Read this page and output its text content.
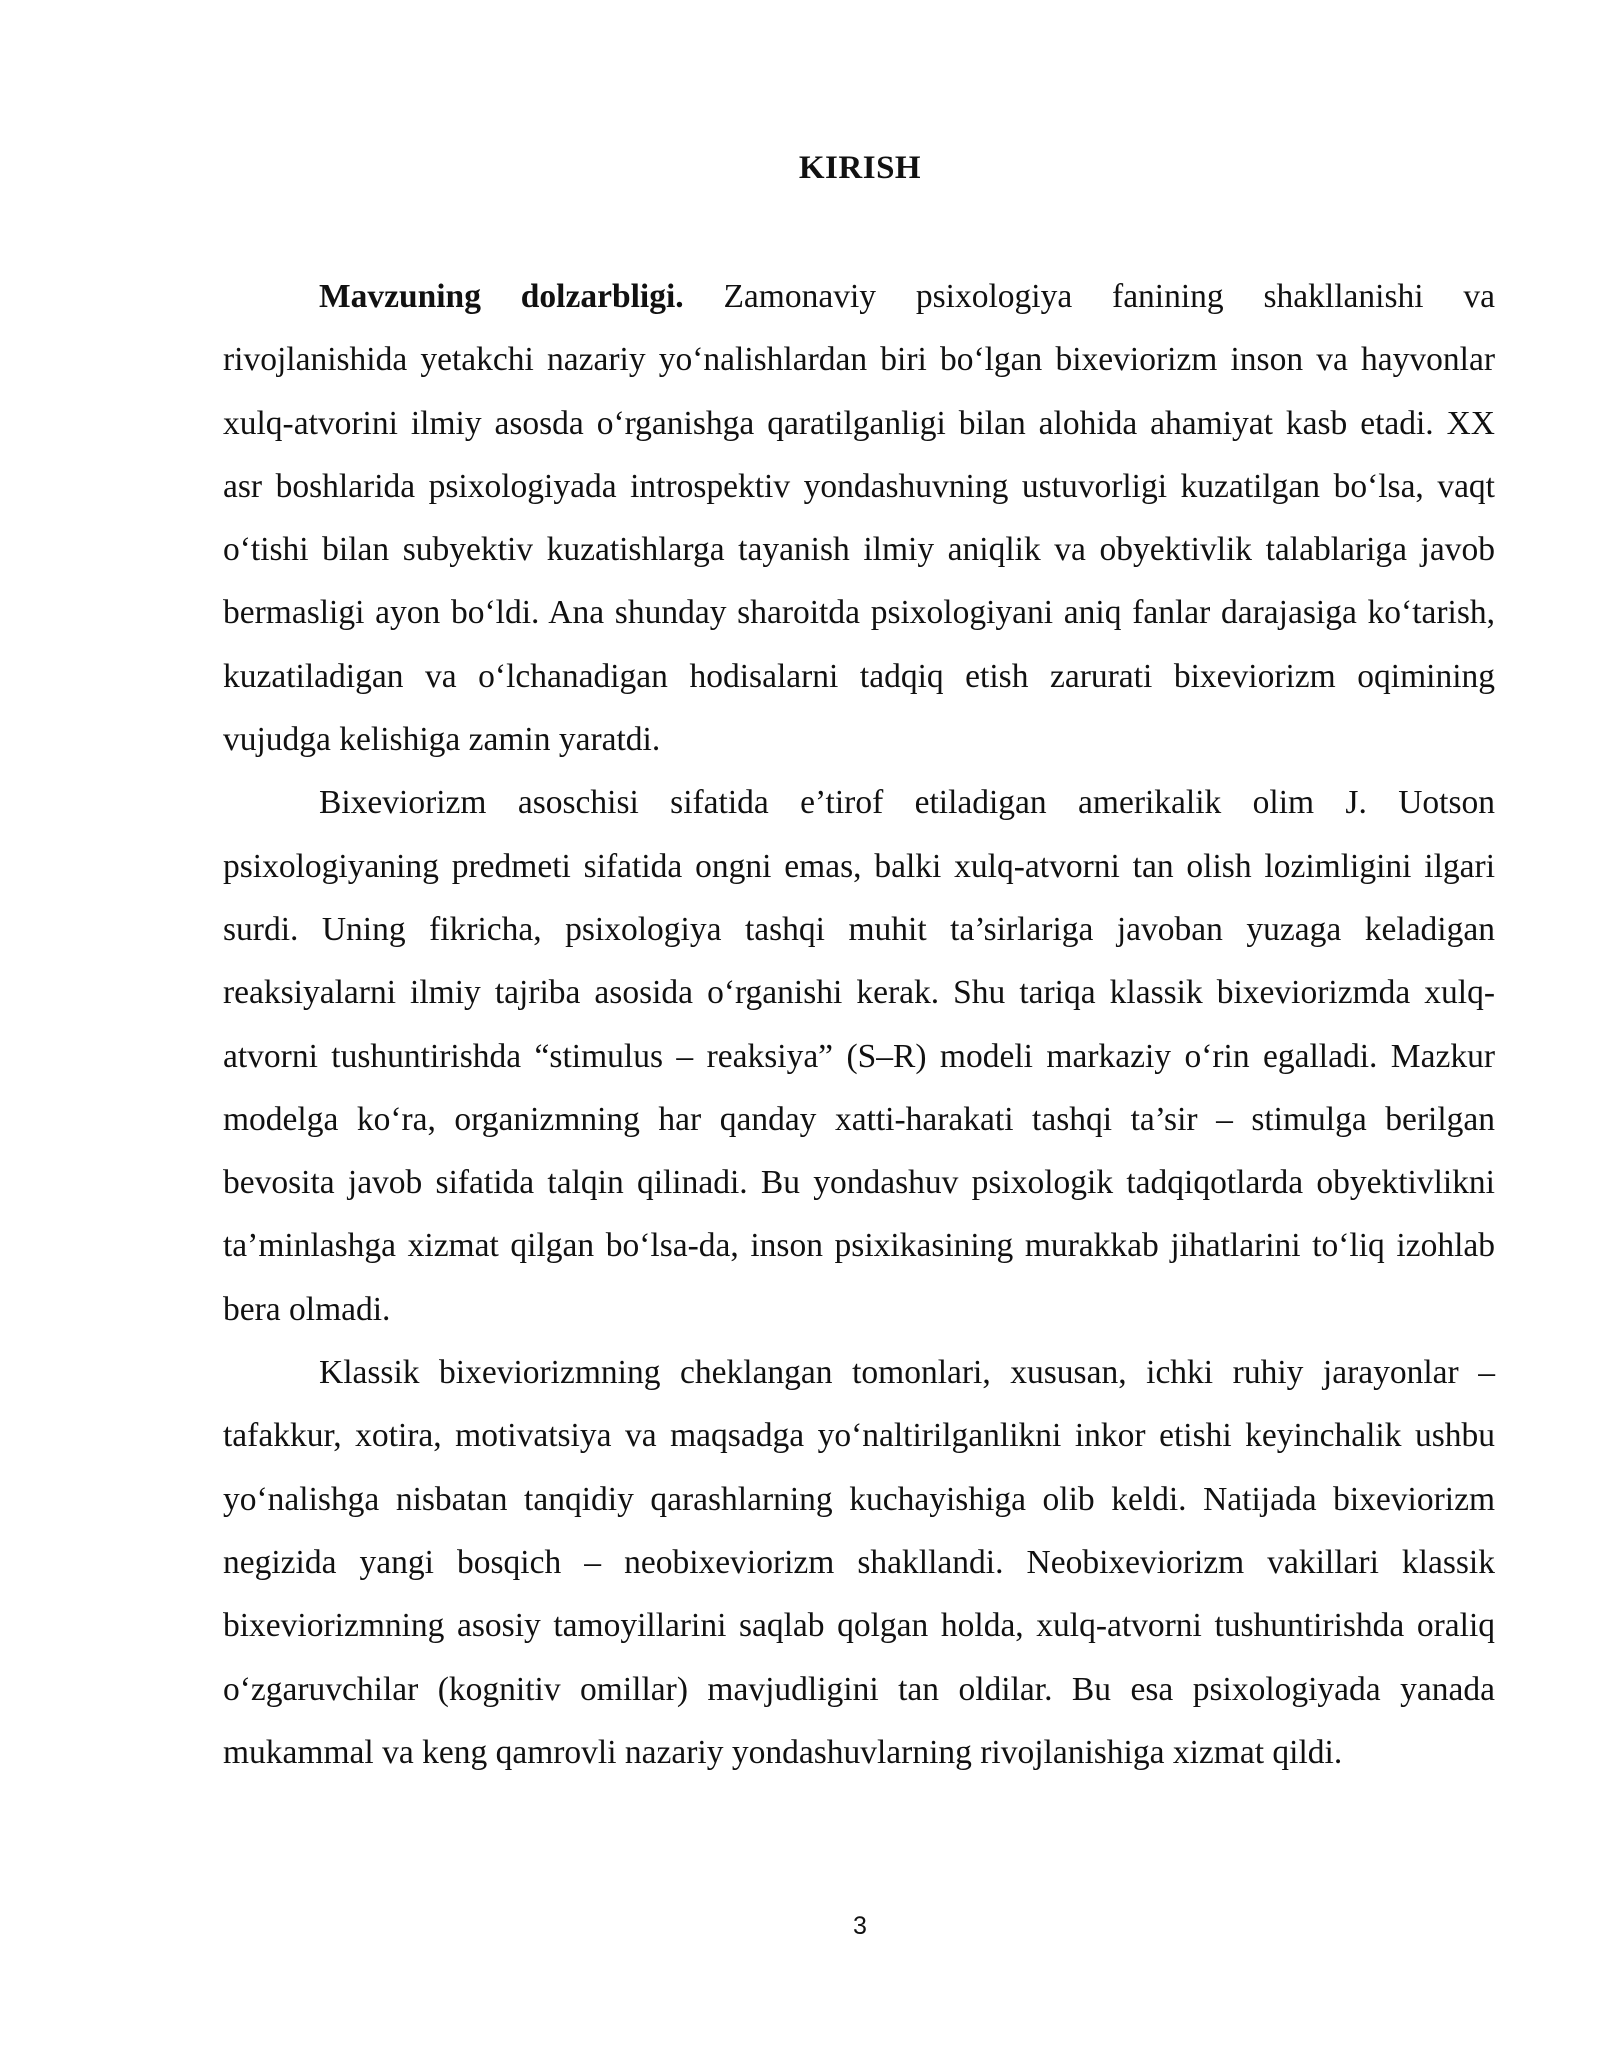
KIRISH

Mavzuning dolzarbligi. Zamonaviy psixologiya fanining shakllanishi va rivojlanishida yetakchi nazariy yo‘nalishlardan biri bo‘lgan bixeviorizm inson va hayvonlar xulq-atvorini ilmiy asosda o‘rganishga qaratilganligi bilan alohida ahamiyat kasb etadi. XX asr boshlarida psixologiyada introspektiv yondashuvning ustuvorligi kuzatilgan bo‘lsa, vaqt o‘tishi bilan subyektiv kuzatishlarga tayanish ilmiy aniqlik va obyektivlik talablariga javob bermasligi ayon bo‘ldi. Ana shunday sharoitda psixologiyani aniq fanlar darajasiga ko‘tarish, kuzatiladigan va o‘lchanadigan hodisalarni tadqiq etish zarurati bixeviorizm oqimining vujudga kelishiga zamin yaratdi.

Bixeviorizm asoschisi sifatida e’tirof etiladigan amerikalik olim J. Uotson psixologiyaning predmeti sifatida ongni emas, balki xulq-atvorni tan olish lozimligini ilgari surdi. Uning fikricha, psixologiya tashqi muhit ta’sirlariga javoban yuzaga keladigan reaksiyalarni ilmiy tajriba asosida o‘rganishi kerak. Shu tariqa klassik bixeviorizmda xulq-atvorni tushuntirishda “stimulus – reaksiya” (S–R) modeli markaziy o‘rin egalladi. Mazkur modelga ko‘ra, organizmning har qanday xatti-harakati tashqi ta’sir – stimulga berilgan bevosita javob sifatida talqin qilinadi. Bu yondashuv psixologik tadqiqotlarda obyektivlikni ta’minlashga xizmat qilgan bo‘lsa-da, inson psixikasining murakkab jihatlarini to‘liq izohlab bera olmadi.

Klassik bixeviorizmning cheklangan tomonlari, xususan, ichki ruhiy jarayonlar – tafakkur, xotira, motivatsiya va maqsadga yo‘naltirilganlikni inkor etishi keyinchalik ushbu yo‘nalishga nisbatan tanqidiy qarashlarning kuchayishiga olib keldi. Natijada bixeviorizm negizida yangi bosqich – neobixeviorizm shakllandi. Neobixeviorizm vakillari klassik bixeviorizmning asosiy tamoyillarini saqlab qolgan holda, xulq-atvorni tushuntirishda oraliq o‘zgaruvchilar (kognitiv omillar) mavjudligini tan oldilar. Bu esa psixologiyada yanada mukammal va keng qamrovli nazariy yondashuvlarning rivojlanishiga xizmat qildi.

3
